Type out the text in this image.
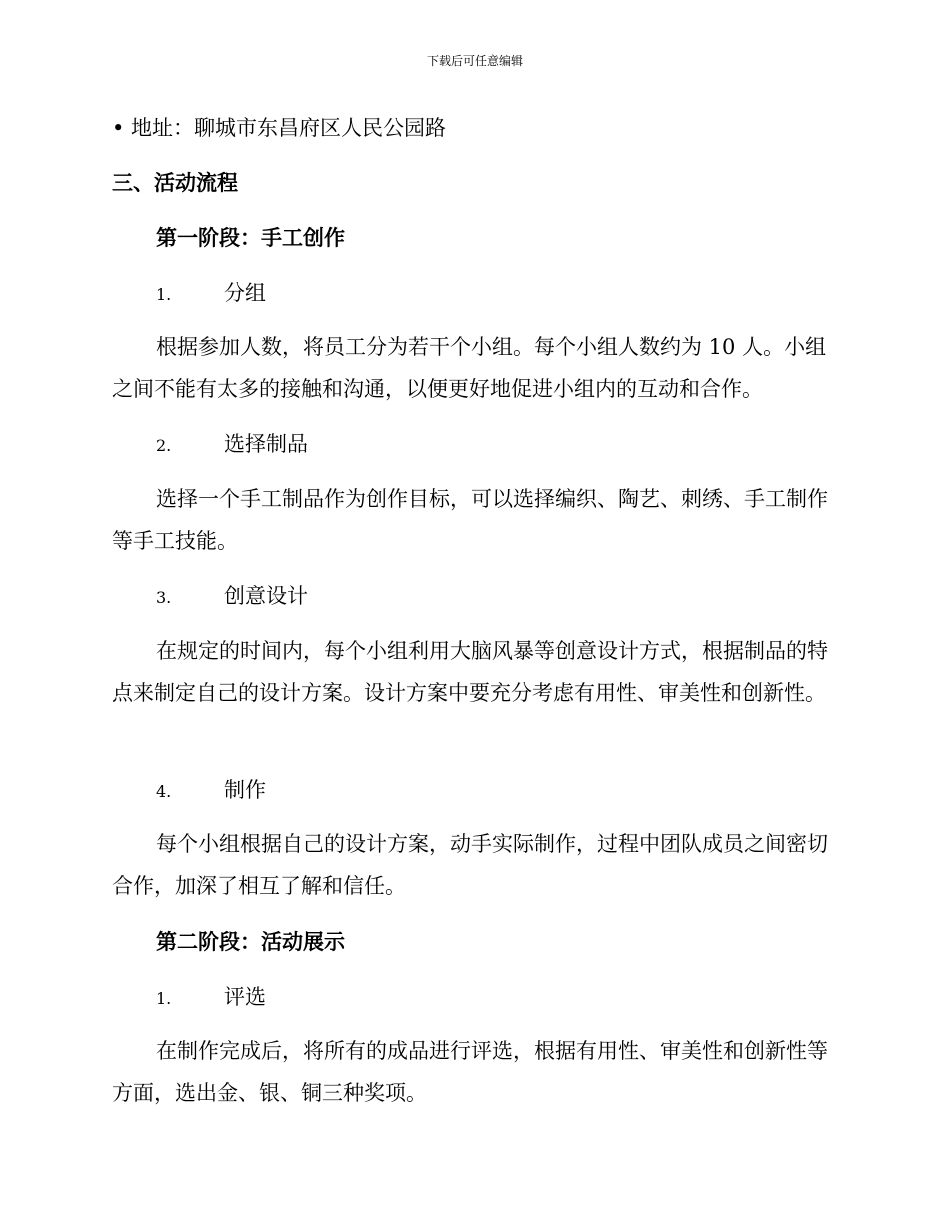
下载后可任意编辑
• 地址：聊城市东昌府区人民公园路
三、活动流程
第一阶段：手工创作
1.	分组
根据参加人数，将员工分为若干个小组。每个小组人数约为 10 人。小组之间不能有太多的接触和沟通，以便更好地促进小组内的互动和合作。
2.	选择制品
选择一个手工制品作为创作目标，可以选择编织、陶艺、刺绣、手工制作等手工技能。
3.	创意设计
在规定的时间内，每个小组利用大脑风暴等创意设计方式，根据制品的特点来制定自己的设计方案。设计方案中要充分考虑有用性、审美性和创新性。
4.	制作
每个小组根据自己的设计方案，动手实际制作，过程中团队成员之间密切合作，加深了相互了解和信任。
第二阶段：活动展示
1.	评选
在制作完成后，将所有的成品进行评选，根据有用性、审美性和创新性等方面，选出金、银、铜三种奖项。
